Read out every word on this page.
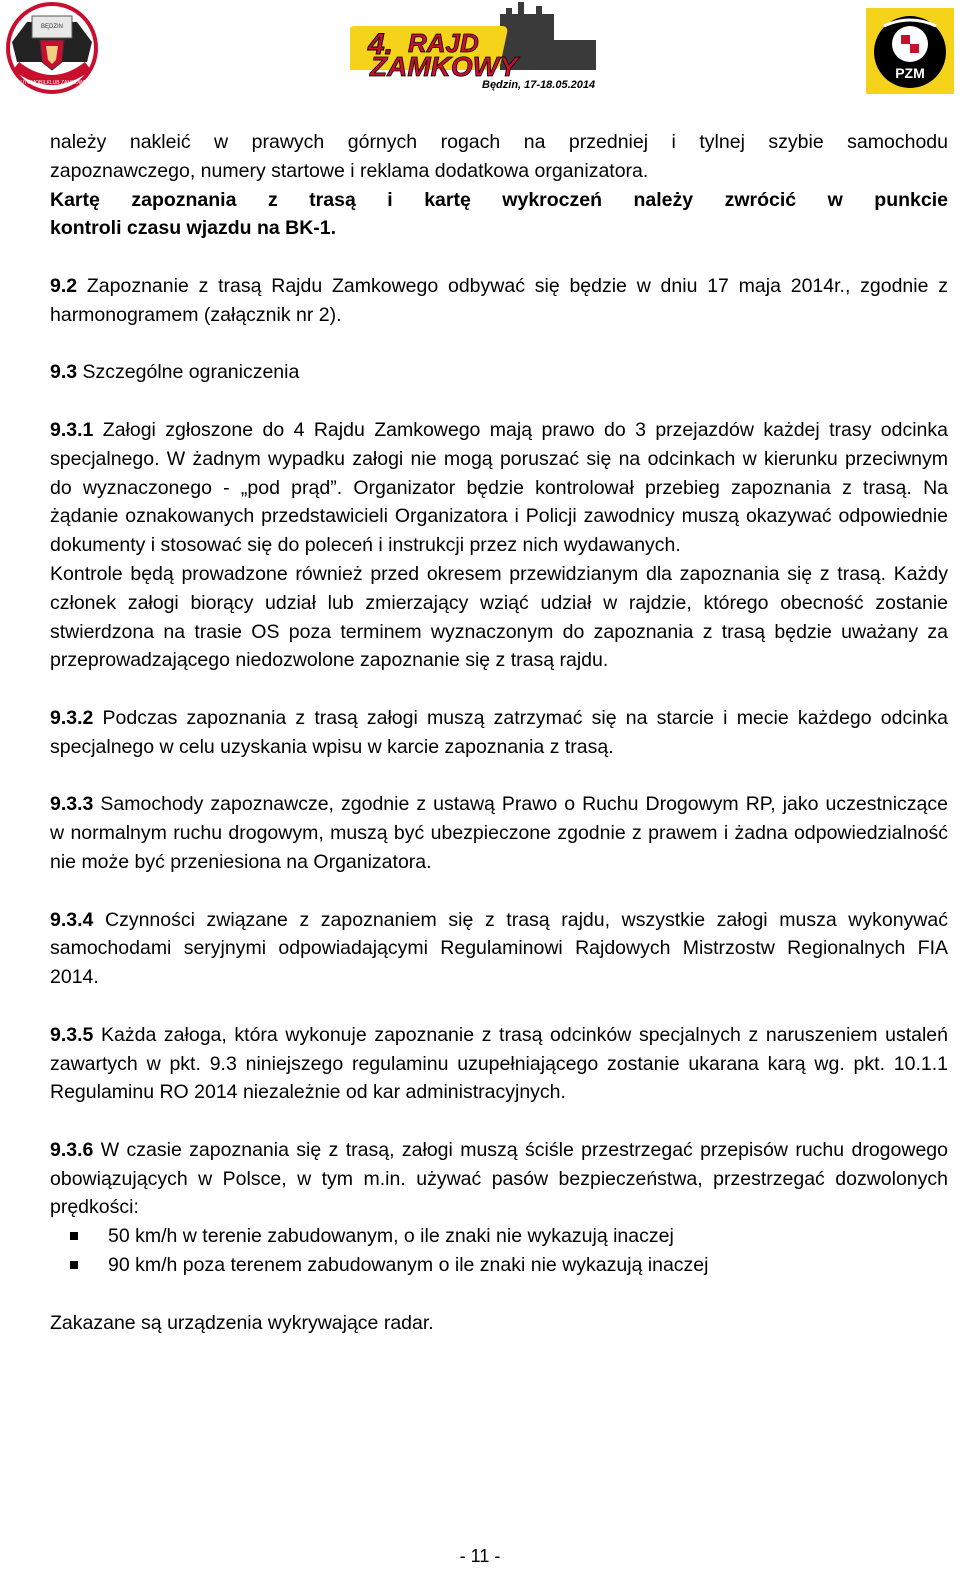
BĘDZIN
AUTOMOBILKLUB ZAMKOWY
4. RAJD
ZAMKOWY
Będzin, 17-18.05.2014
PZM

należy nakleić w prawych górnych rogach na przedniej i tylnej szybie samochodu

zapoznawczego, numery startowe i reklama dodatkowa organizatora.

Kartę zapoznania z trasą i kartę wykroczeń należy zwrócić w punkcie

kontroli czasu wjazdu na BK-1.

9.2 Zapoznanie z trasą Rajdu Zamkowego odbywać się będzie w dniu 17 maja 2014r., zgodnie z harmonogramem (załącznik nr 2).

9.3 Szczególne ograniczenia

9.3.1 Załogi zgłoszone do 4 Rajdu Zamkowego mają prawo do 3 przejazdów każdej trasy odcinka specjalnego. W żadnym wypadku załogi nie mogą poruszać się na odcinkach w kierunku przeciwnym do wyznaczonego - „pod prąd”. Organizator będzie kontrolował przebieg zapoznania z trasą. Na żądanie oznakowanych przedstawicieli Organizatora i Policji zawodnicy muszą okazywać odpowiednie dokumenty i stosować się do poleceń i instrukcji przez nich wydawanych.

Kontrole będą prowadzone również przed okresem przewidzianym dla zapoznania się z trasą. Każdy członek załogi biorący udział lub zmierzający wziąć udział w rajdzie, którego obecność zostanie stwierdzona na trasie OS poza terminem wyznaczonym do zapoznania z trasą będzie uważany za przeprowadzającego niedozwolone zapoznanie się z trasą rajdu.

9.3.2 Podczas zapoznania z trasą załogi muszą zatrzymać się na starcie i mecie każdego odcinka specjalnego w celu uzyskania wpisu w karcie zapoznania z trasą.

9.3.3 Samochody zapoznawcze, zgodnie z ustawą Prawo o Ruchu Drogowym RP, jako uczestniczące w normalnym ruchu drogowym, muszą być ubezpieczone zgodnie z prawem i żadna odpowiedzialność nie może być przeniesiona na Organizatora.

9.3.4 Czynności związane z zapoznaniem się z trasą rajdu, wszystkie załogi musza wykonywać samochodami seryjnymi odpowiadającymi Regulaminowi Rajdowych Mistrzostw Regionalnych FIA 2014.

9.3.5 Każda załoga, która wykonuje zapoznanie z trasą odcinków specjalnych z naruszeniem ustaleń zawartych w pkt. 9.3 niniejszego regulaminu uzupełniającego zostanie ukarana karą wg. pkt. 10.1.1 Regulaminu RO 2014 niezależnie od kar administracyjnych.

9.3.6 W czasie zapoznania się z trasą, załogi muszą ściśle przestrzegać przepisów ruchu drogowego obowiązujących w Polsce, w tym m.in. używać pasów bezpieczeństwa, przestrzegać dozwolonych prędkości:

50 km/h w terenie zabudowanym, o ile znaki nie wykazują inaczej

90 km/h poza terenem zabudowanym o ile znaki nie wykazują inaczej

Zakazane są urządzenia wykrywające radar.

- 11 -
